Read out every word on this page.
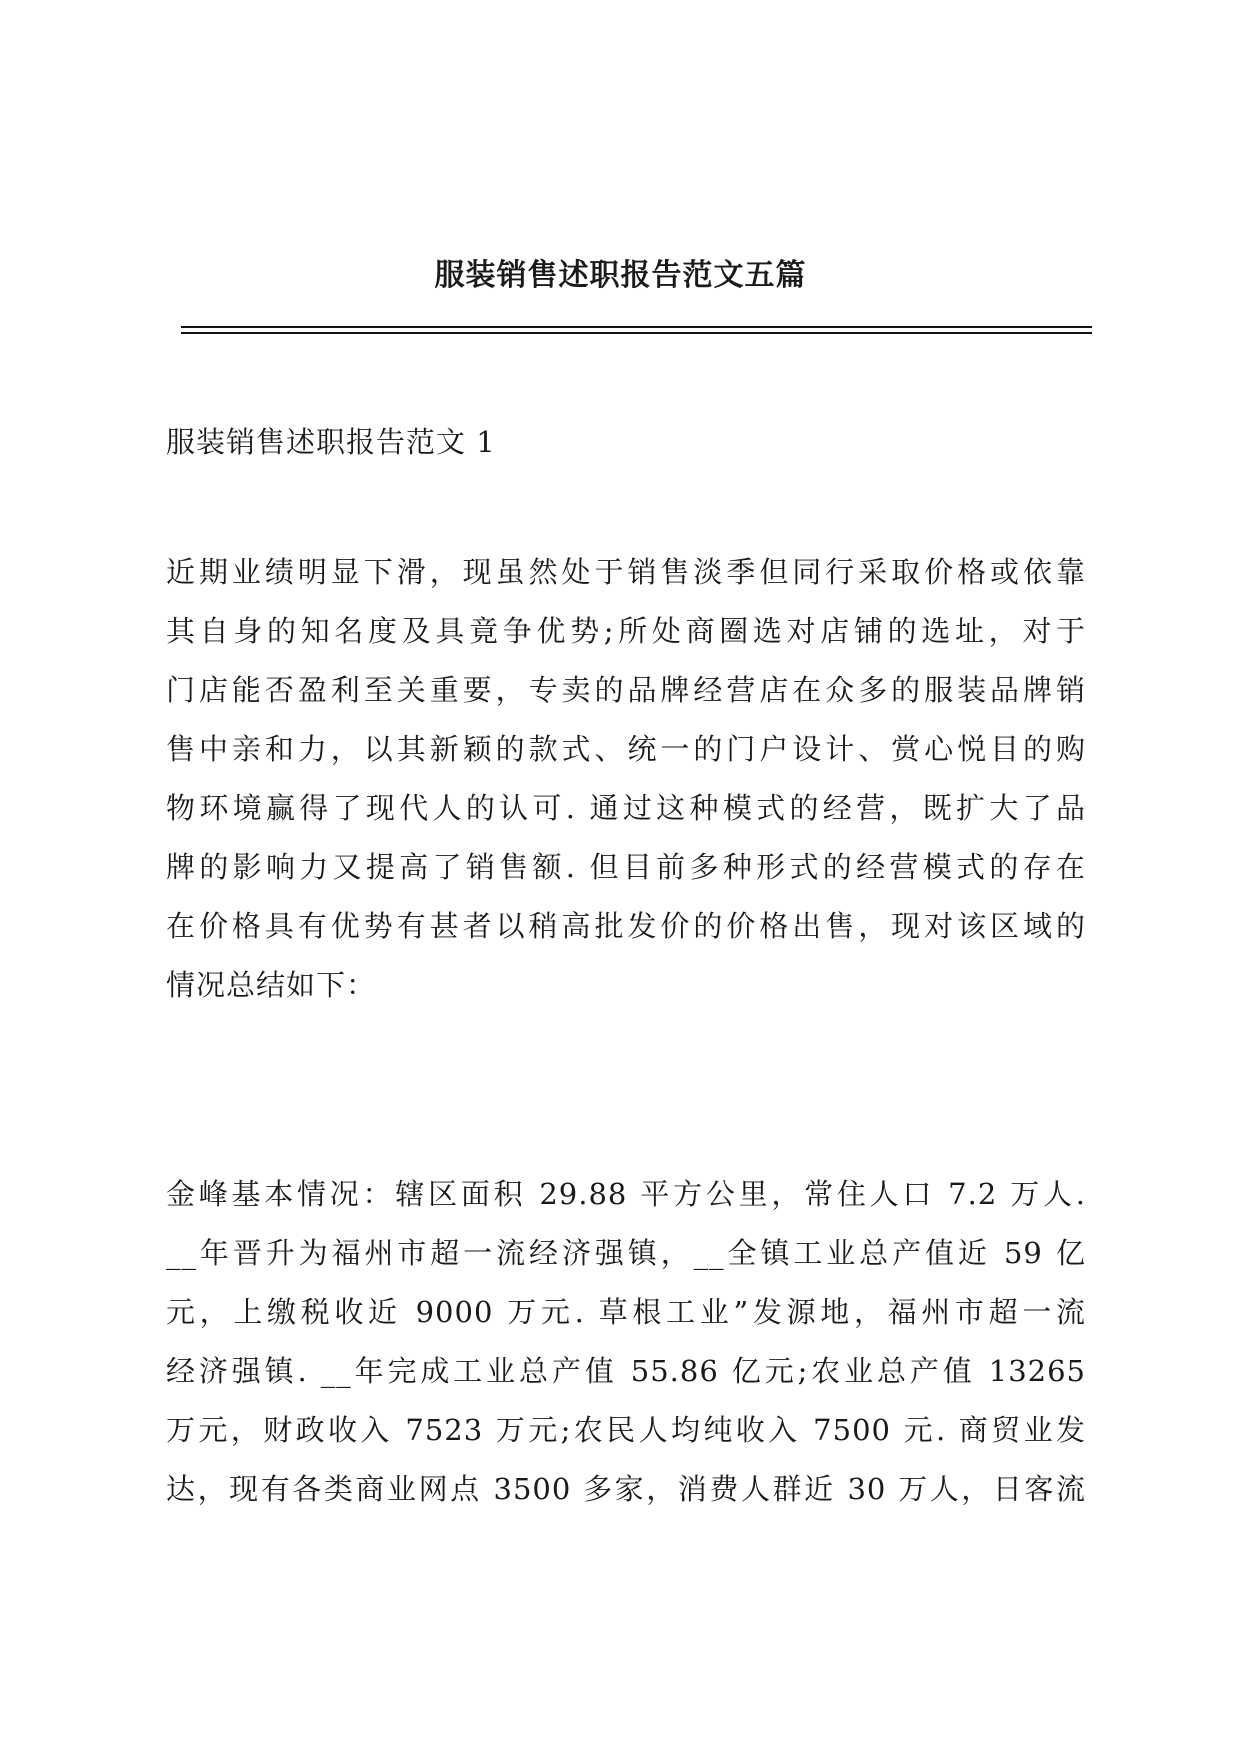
服装销售述职报告范文五篇
服装销售述职报告范文 1
近期业绩明显下滑，现虽然处于销售淡季但同行采取价格或依靠
其自身的知名度及具竟争优势;所处商圈选对店铺的选址，对于
门店能否盈利至关重要，专卖的品牌经营店在众多的服装品牌销
售中亲和力，以其新颖的款式、统一的门户设计、赏心悦目的购
物环境赢得了现代人的认可. 通过这种模式的经营，既扩大了品
牌的影响力又提高了销售额. 但目前多种形式的经营模式的存在
在价格具有优势有甚者以稍高批发价的价格出售，现对该区域的
情况总结如下：
金峰基本情况：辖区面积 29.88 平方公里，常住人口 7.2 万人.
__年晋升为福州市超一流经济强镇，__全镇工业总产值近 59 亿
元，上缴税收近 9000 万元. 草根工业”发源地，福州市超一流
经济强镇. __年完成工业总产值 55.86 亿元;农业总产值 13265
万元，财政收入 7523 万元;农民人均纯收入 7500 元. 商贸业发
达，现有各类商业网点 3500 多家，消费人群近 30 万人，日客流
